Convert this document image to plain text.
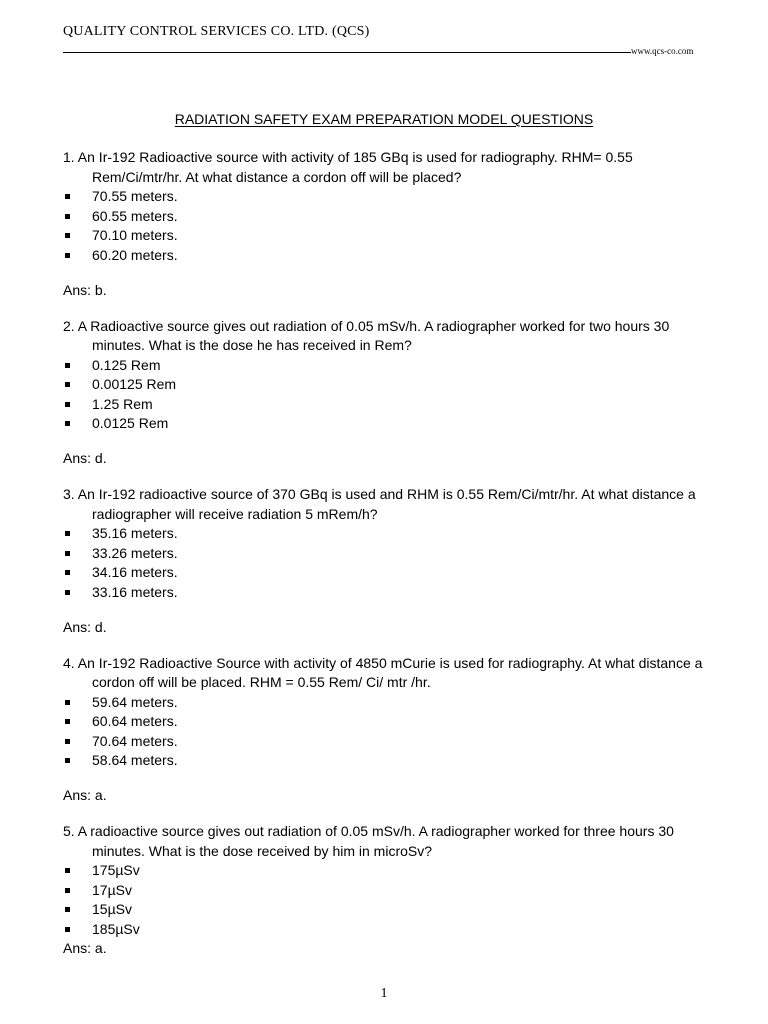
QUALITY CONTROL SERVICES CO. LTD. (QCS)
www.qcs-co.com
RADIATION SAFETY EXAM PREPARATION MODEL QUESTIONS

1. An Ir-192 Radioactive source with activity of 185 GBq is used for radiography. RHM= 0.55 Rem/Ci/mtr/hr. At what distance a cordon off will be placed?

70.55 meters.
60.55 meters.
70.10 meters.
60.20 meters.

Ans: b.

2. A Radioactive source gives out radiation of 0.05 mSv/h. A radiographer worked for two hours 30 minutes. What is the dose he has received in Rem?

0.125 Rem
0.00125 Rem
1.25 Rem
0.0125 Rem

Ans: d.

3. An Ir-192 radioactive source of 370 GBq is used and RHM is 0.55 Rem/Ci/mtr/hr. At what distance a radiographer will receive radiation 5 mRem/h?

35.16 meters.
33.26 meters.
34.16 meters.
33.16 meters.

Ans: d.

4. An Ir-192 Radioactive Source with activity of 4850 mCurie is used for radiography. At what distance a cordon off will be placed. RHM = 0.55 Rem/ Ci/ mtr /hr.

59.64 meters.
60.64 meters.
70.64 meters.
58.64 meters.

Ans: a.

5. A radioactive source gives out radiation of 0.05 mSv/h. A radiographer worked for three hours 30 minutes. What is the dose received by him in microSv?

175µSv
17µSv
15µSv
185µSv

Ans: a.

1
